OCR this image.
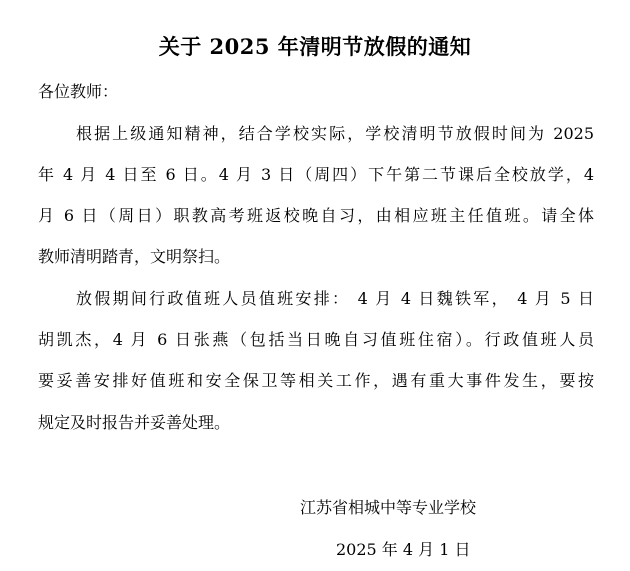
关于 2025 年清明节放假的通知
各位教师：
根据上级通知精神，结合学校实际，学校清明节放假时间为 2025
年 4 月 4 日至 6 日。4 月 3 日（周四）下午第二节课后全校放学，4
月 6 日（周日）职教高考班返校晚自习，由相应班主任值班。请全体
教师清明踏青，文明祭扫。
放假期间行政值班人员值班安排： 4 月 4 日魏铁军， 4 月 5 日
胡凯杰，4 月 6 日张燕（包括当日晚自习值班住宿）。行政值班人员
要妥善安排好值班和安全保卫等相关工作，遇有重大事件发生，要按
规定及时报告并妥善处理。
江苏省相城中等专业学校
2025 年 4 月 1 日
